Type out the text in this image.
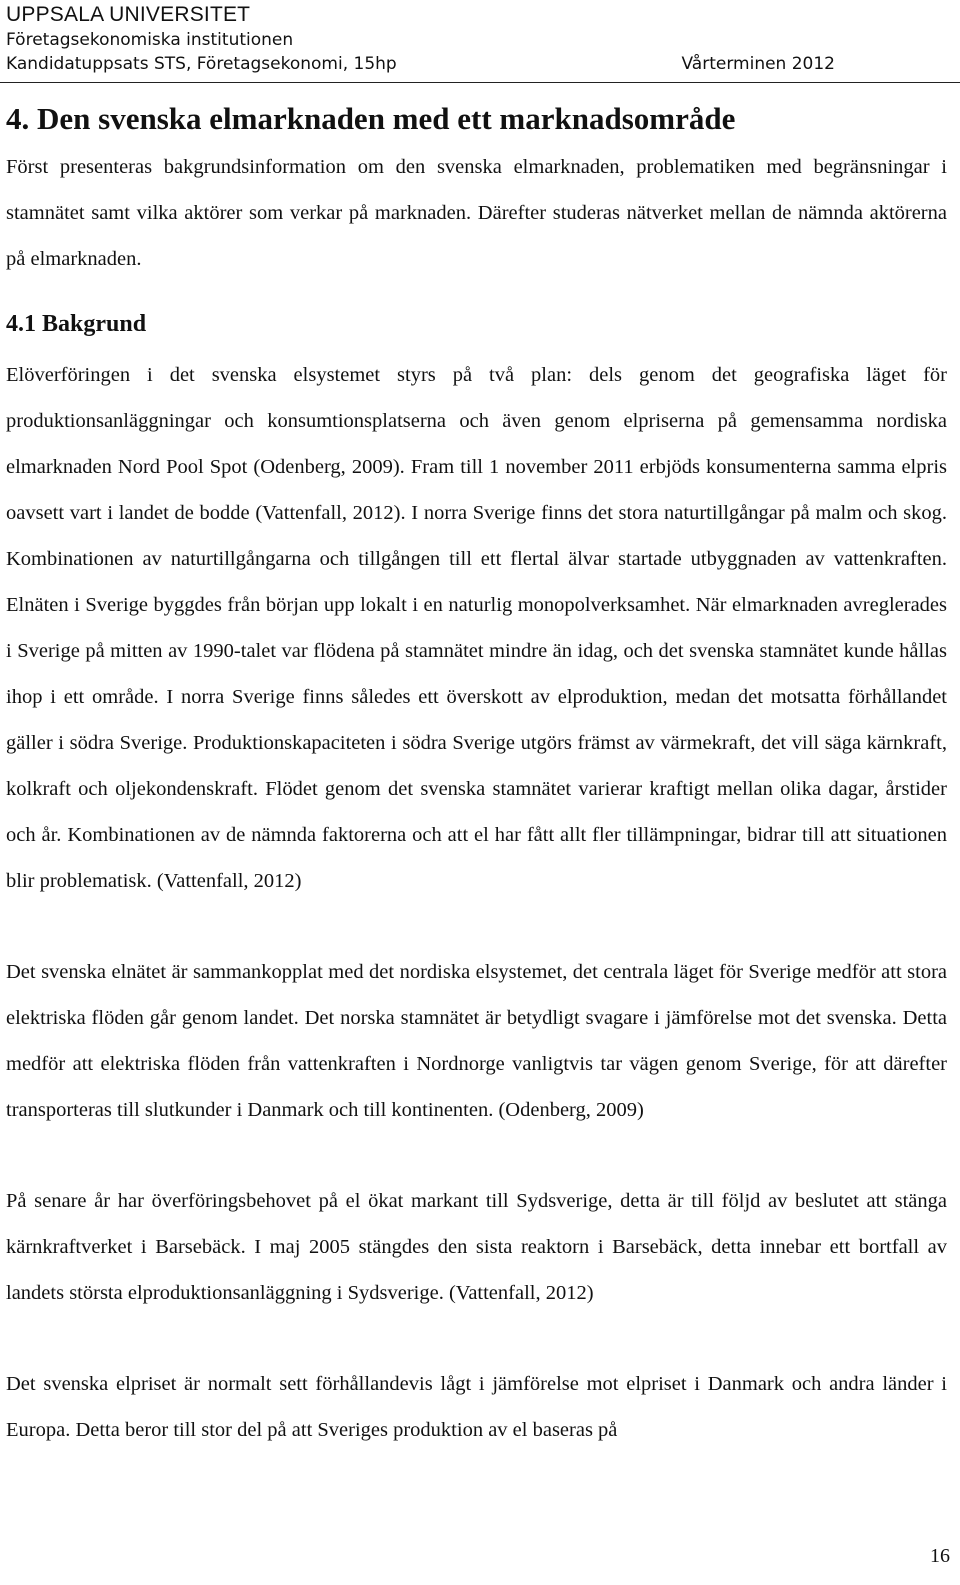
UPPSALA UNIVERSITET
Företagsekonomiska institutionen
Kandidatuppsats STS, Företagsekonomi, 15hp	Vårterminen 2012
4. Den svenska elmarknaden med ett marknadsområde

Först presenteras bakgrundsinformation om den svenska elmarknaden, problematiken med begränsningar i stamnätet samt vilka aktörer som verkar på marknaden. Därefter studeras nätverket mellan de nämnda aktörerna på elmarknaden.

4.1 Bakgrund

Elöverföringen i det svenska elsystemet styrs på två plan: dels genom det geografiska läget för produktionsanläggningar och konsumtionsplatserna och även genom elpriserna på gemensamma nordiska elmarknaden Nord Pool Spot (Odenberg, 2009). Fram till 1 november 2011 erbjöds konsumenterna samma elpris oavsett vart i landet de bodde (Vattenfall, 2012). I norra Sverige finns det stora naturtillgångar på malm och skog. Kombinationen av naturtillgångarna och tillgången till ett flertal älvar startade utbyggnaden av vattenkraften. Elnäten i Sverige byggdes från början upp lokalt i en naturlig monopolverksamhet. När elmarknaden avreglerades i Sverige på mitten av 1990-talet var flödena på stamnätet mindre än idag, och det svenska stamnätet kunde hållas ihop i ett område. I norra Sverige finns således ett överskott av elproduktion, medan det motsatta förhållandet gäller i södra Sverige. Produktionskapaciteten i södra Sverige utgörs främst av värmekraft, det vill säga kärnkraft, kolkraft och oljekondenskraft. Flödet genom det svenska stamnätet varierar kraftigt mellan olika dagar, årstider och år. Kombinationen av de nämnda faktorerna och att el har fått allt fler tillämpningar, bidrar till att situationen blir problematisk. (Vattenfall, 2012)

Det svenska elnätet är sammankopplat med det nordiska elsystemet, det centrala läget för Sverige medför att stora elektriska flöden går genom landet. Det norska stamnätet är betydligt svagare i jämförelse mot det svenska. Detta medför att elektriska flöden från vattenkraften i Nordnorge vanligtvis tar vägen genom Sverige, för att därefter transporteras till slutkunder i Danmark och till kontinenten. (Odenberg, 2009)

På senare år har överföringsbehovet på el ökat markant till Sydsverige, detta är till följd av beslutet att stänga kärnkraftverket i Barsebäck. I maj 2005 stängdes den sista reaktorn i Barsebäck, detta innebar ett bortfall av landets största elproduktionsanläggning i Sydsverige. (Vattenfall, 2012)

Det svenska elpriset är normalt sett förhållandevis lågt i jämförelse mot elpriset i Danmark och andra länder i Europa. Detta beror till stor del på att Sveriges produktion av el baseras på

16
